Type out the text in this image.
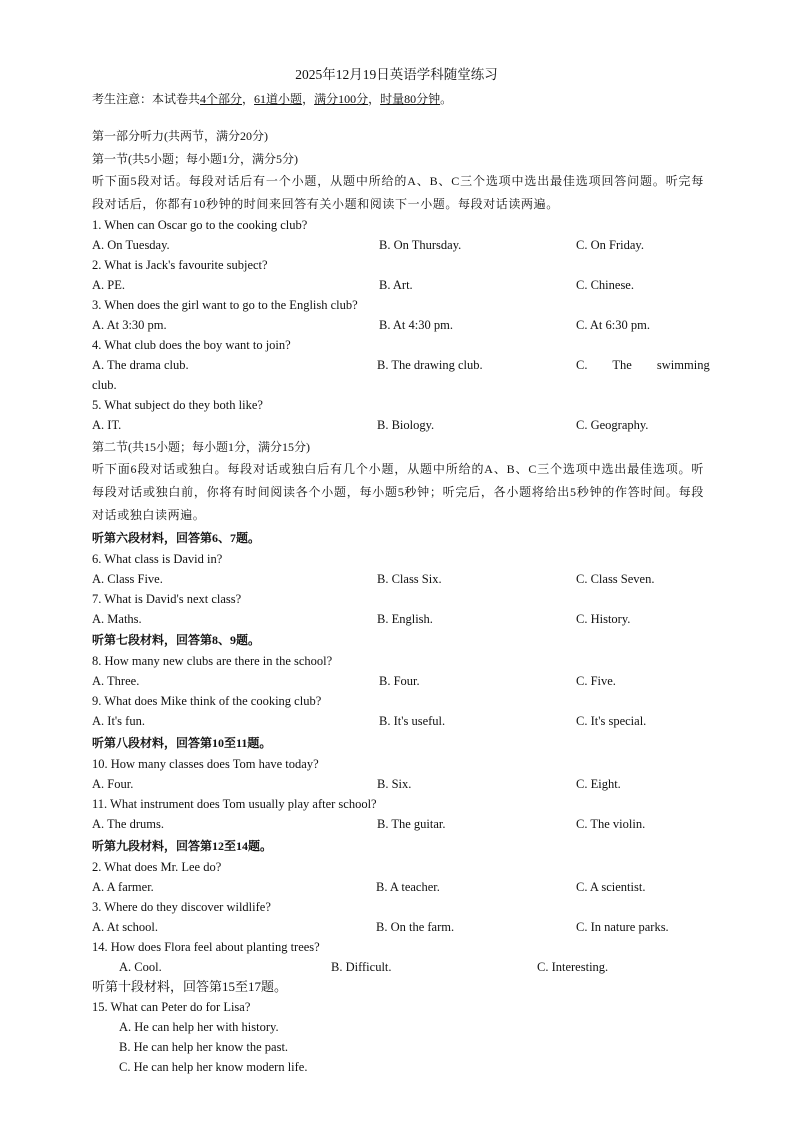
2025年12月19日英语学科随堂练习
考生注意：本试卷共4个部分，61道小题，满分100分，时量80分钟。
第一部分听力(共两节，满分20分)
第一节(共5小题；每小题1分，满分5分)
听下面5段对话。每段对话后有一个小题，从题中所给的A、B、C三个选项中选出最佳选项回答问题。听完每段对话后，你都有10秒钟的时间来回答有关小题和阅读下一小题。每段对话读两遍。
1. When can Oscar go to the cooking club?
A. On Tuesday.	B. On Thursday.	C. On Friday.
2. What is Jack's favourite subject?
A. PE.	B. Art.	C. Chinese.
3. When does the girl want to go to the English club?
A. At 3:30 pm.	B. At 4:30 pm.	C. At 6:30 pm.
4. What club does the boy want to join?
A. The drama club.	B. The drawing club.	C. The swimming
club.
5. What subject do they both like?
A. IT.	B. Biology.	C. Geography.
第二节(共15小题；每小题1分，满分15分)
听下面6段对话或独白。每段对话或独白后有几个小题，从题中所给的A、B、C三个选项中选出最佳选项。听每段对话或独白前，你将有时间阅读各个小题，每小题5秒钟；听完后，各小题将给出5秒钟的作答时间。每段对话或独白读两遍。
听第六段材料，回答第6、7题。
6. What class is David in?
A. Class Five.	B. Class Six.	C. Class Seven.
7. What is David's next class?
A. Maths.	B. English.	C. History.
听第七段材料，回答第8、9题。
8. How many new clubs are there in the school?
A. Three.	B. Four.	C. Five.
9. What does Mike think of the cooking club?
A. It's fun.	B. It's useful.	C. It's special.
听第八段材料，回答第10至11题。
10. How many classes does Tom have today?
A. Four.	B. Six.	C. Eight.
11. What instrument does Tom usually play after school?
A. The drums.	B. The guitar.	C. The violin.
听第九段材料，回答第12至14题。
2. What does Mr. Lee do?
A. A farmer.	B. A teacher.	C. A scientist.
3. Where do they discover wildlife?
A. At school.	B. On the farm.	C. In nature parks.
14. How does Flora feel about planting trees?
A. Cool.	B. Difficult.	C. Interesting.
听第十段材料，回答第15至17题。
15. What can Peter do for Lisa?
A. He can help her with history.
B. He can help her know the past.
C. He can help her know modern life.
